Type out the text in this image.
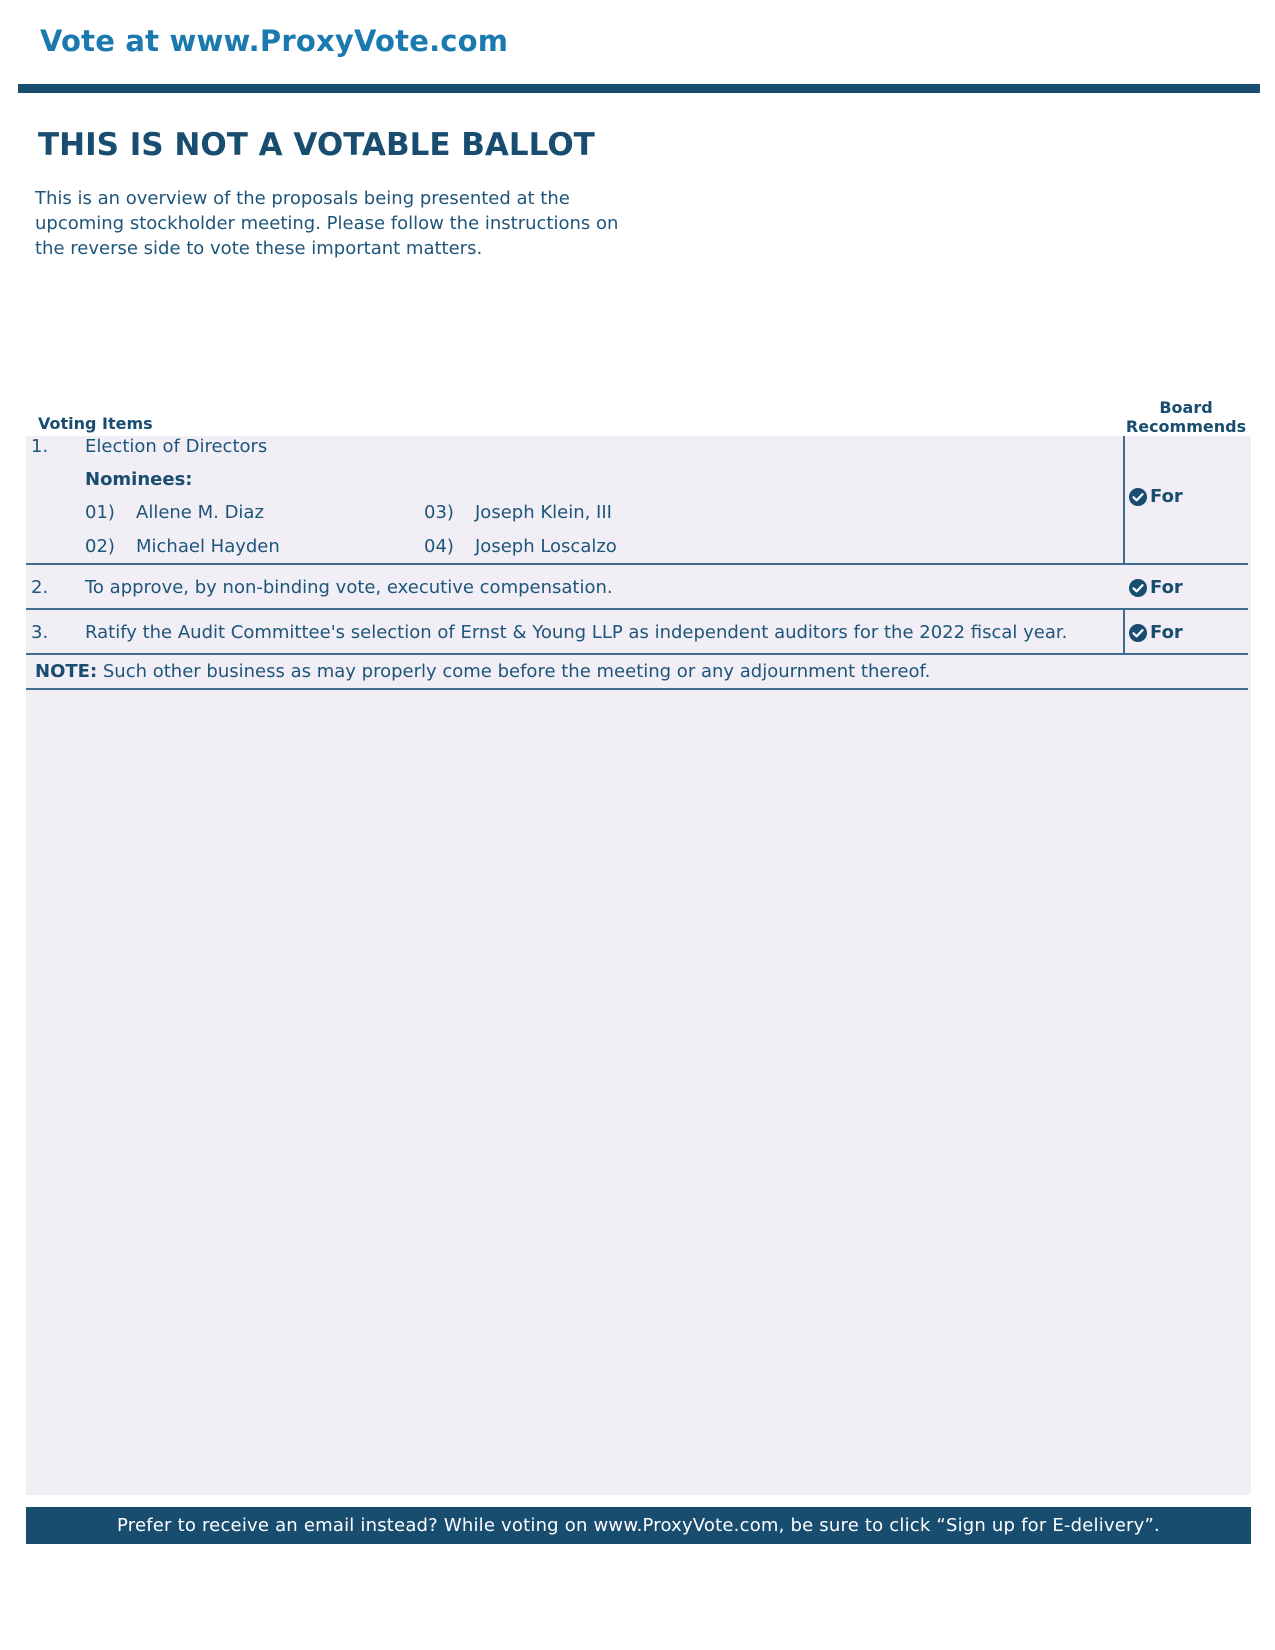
Vote at www.ProxyVote.com
THIS IS NOT A VOTABLE BALLOT
This is an overview of the proposals being presented at the upcoming stockholder meeting. Please follow the instructions on the reverse side to vote these important matters.
Voting Items
Board Recommends
1. Election of Directors
Nominees:
01) Allene M. Diaz	03) Joseph Klein, III
02) Michael Hayden	04) Joseph Loscalzo
For
2. To approve, by non-binding vote, executive compensation.	For
3. Ratify the Audit Committee's selection of Ernst & Young LLP as independent auditors for the 2022 fiscal year.	For
NOTE: Such other business as may properly come before the meeting or any adjournment thereof.
Prefer to receive an email instead? While voting on www.ProxyVote.com, be sure to click “Sign up for E-delivery”.
